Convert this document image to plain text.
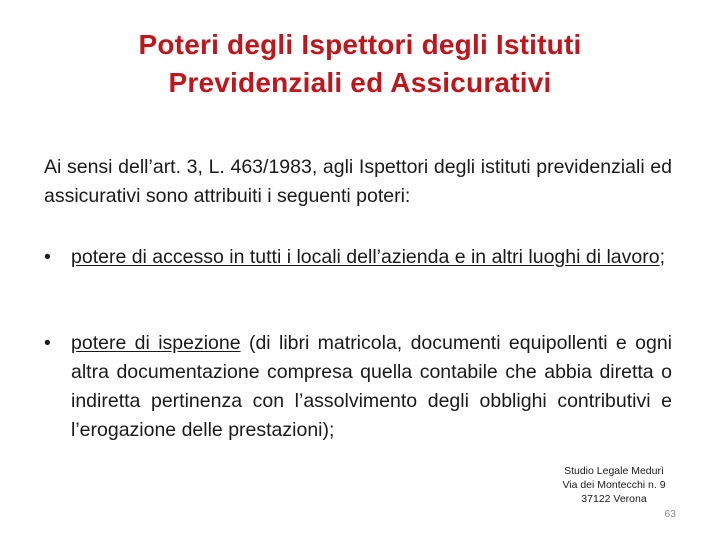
Poteri degli Ispettori degli Istituti
Previdenziali ed Assicurativi
Ai sensi dell’art. 3, L. 463/1983, agli Ispettori degli istituti previdenziali ed assicurativi sono attribuiti i seguenti poteri:
•	potere di accesso in tutti i locali dell’azienda e in altri luoghi di lavoro;
•	potere di ispezione (di libri matricola, documenti equipollenti e ogni altra documentazione compresa quella contabile che abbia diretta o indiretta pertinenza con l’assolvimento degli obblighi contributivi e l’erogazione delle prestazioni);
Studio Legale Medurì
Via dei Montecchi n. 9
37122 Verona
63
